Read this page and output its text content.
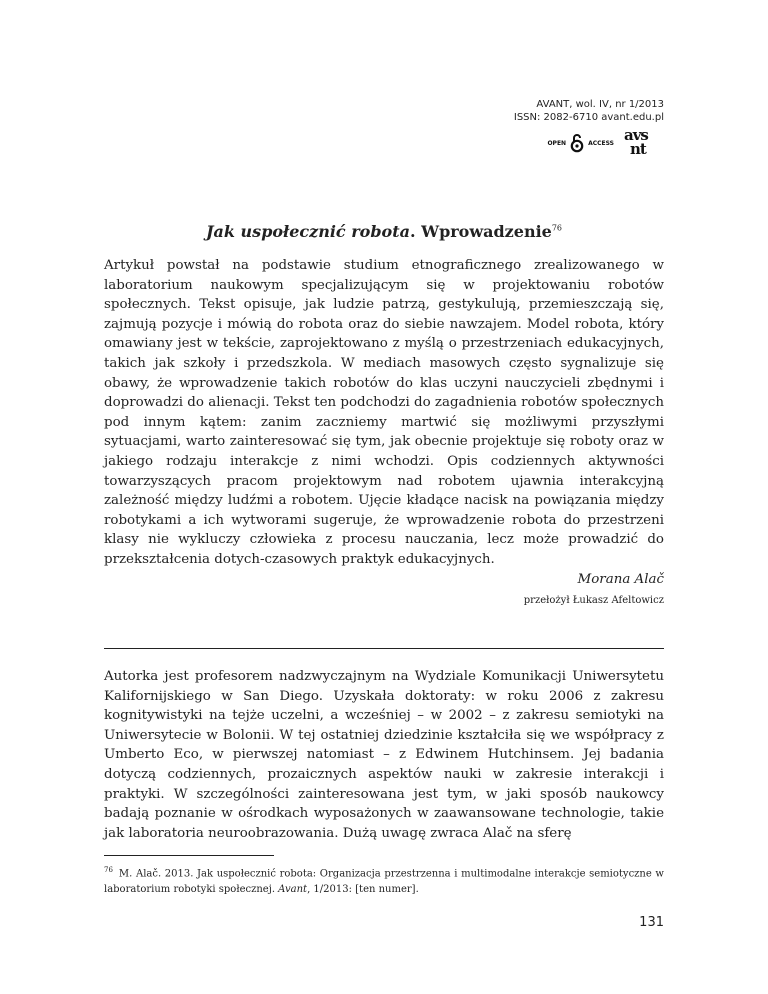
AVANT, wol. IV, nr 1/2013
ISSN: 2082-6710 avant.edu.pl
OPEN	ACCESS avs
nt
Jak uspołecznić robota. Wprowadzenie$^{76}$

Artykuł powstał na podstawie studium etnograficznego zrealizowanego w laboratorium naukowym specjalizującym się w projektowaniu robotów społecznych. Tekst opisuje, jak ludzie patrzą, gestykulują, przemieszczają się, zajmują pozycje i mówią do robota oraz do siebie nawzajem. Model robota, który omawiany jest w tekście, zaprojektowano z myślą o przestrzeniach edukacyjnych, takich jak szkoły i przedszkola. W mediach masowych często sygnalizuje się obawy, że wprowadzenie takich robotów do klas uczyni nauczycieli zbędnymi i doprowadzi do alienacji. Tekst ten podchodzi do zagadnienia robotów społecznych pod innym kątem: zanim zaczniemy martwić się możliwymi przyszłymi sytuacjami, warto zainteresować się tym, jak obecnie projektuje się roboty oraz w jakiego rodzaju interakcje z nimi wchodzi. Opis codziennych aktywności towarzyszących pracom projektowym nad robotem ujawnia interakcyjną zależność między ludźmi a robotem. Ujęcie kładące nacisk na powiązania między robotykami a ich wytworami sugeruje, że wprowadzenie robota do przestrzeni klasy nie wykluczy człowieka z procesu nauczania, lecz może prowadzić do przekształcenia dotych-czasowych praktyk edukacyjnych.

Morana Alač
przełożył Łukasz Afeltowicz

Autorka jest profesorem nadzwyczajnym na Wydziale Komunikacji Uniwersytetu Kalifornijskiego w San Diego. Uzyskała doktoraty: w roku 2006 z zakresu kognitywistyki na tejże uczelni, a wcześniej – w 2002 – z zakresu semiotyki na Uniwersytecie w Bolonii. W tej ostatniej dziedzinie kształciła się we współpracy z Umberto Eco, w pierwszej natomiast – z Edwinem Hutchinsem. Jej badania dotyczą codziennych, prozaicznych aspektów nauki w zakresie interakcji i praktyki. W szczególności zainteresowana jest tym, w jaki sposób naukowcy badają poznanie w ośrodkach wyposażonych w zaawansowane technologie, takie jak laboratoria neuroobrazowania. Dużą uwagę zwraca Alač na sferę

$^{76}$ M. Alač. 2013. Jak uspołecznić robota: Organizacja przestrzenna i multimodalne interakcje semiotyczne w laboratorium robotyki społecznej. Avant, 1/2013: [ten numer].

131
